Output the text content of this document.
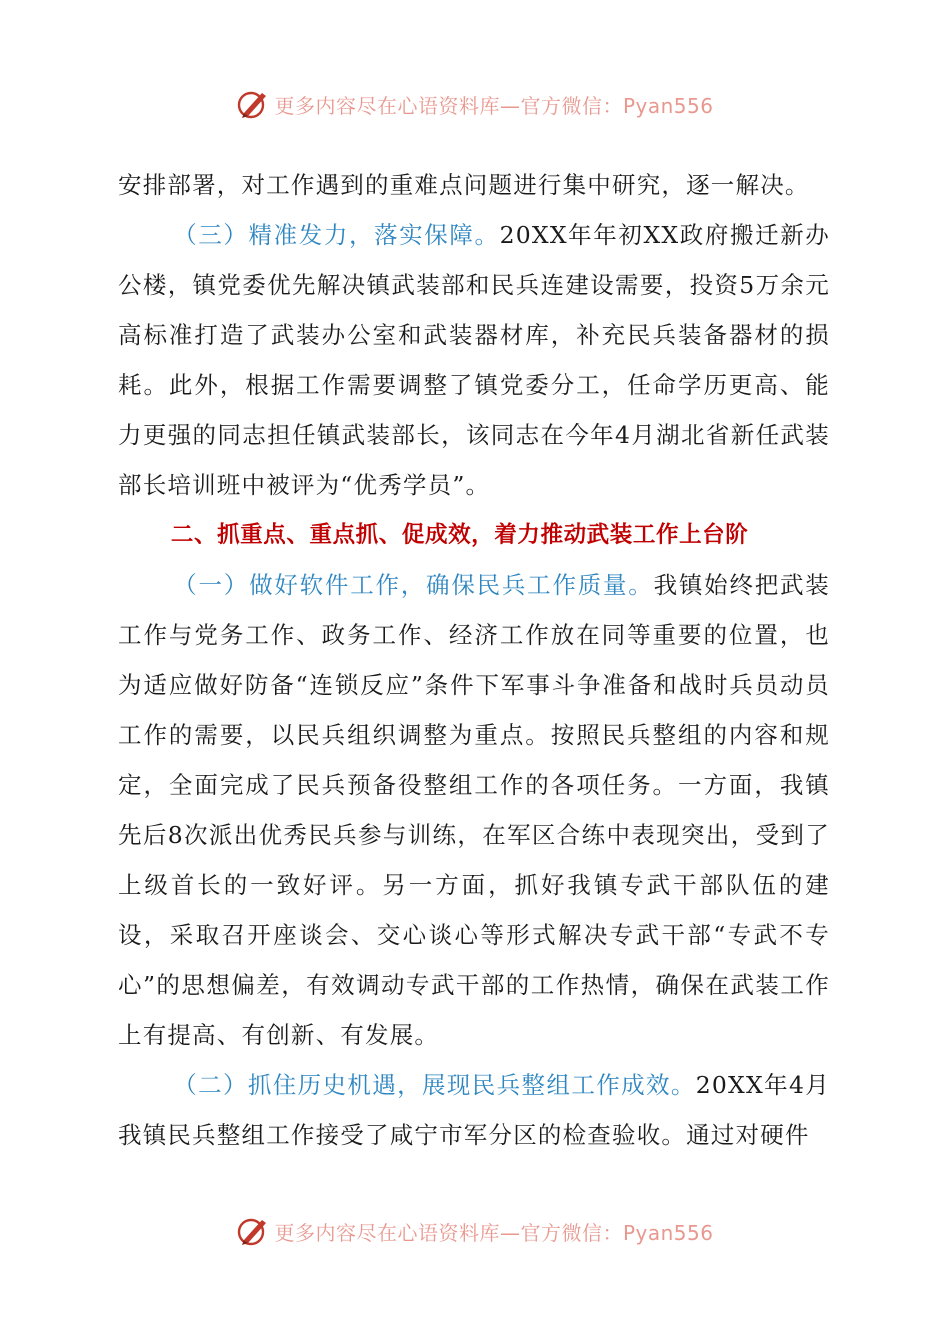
更多内容尽在心语资料库—官方微信：Pyan556

安排部署，对工作遇到的重难点问题进行集中研究，逐一解决。

（三）精准发力，落实保障。20XX年年初XX政府搬迁新办公楼，镇党委优先解决镇武装部和民兵连建设需要，投资5万余元高标准打造了武装办公室和武装器材库，补充民兵装备器材的损耗。此外，根据工作需要调整了镇党委分工，任命学历更高、能力更强的同志担任镇武装部长，该同志在今年4月湖北省新任武装部长培训班中被评为“优秀学员”。

二、抓重点、重点抓、促成效，着力推动武装工作上台阶

（一）做好软件工作，确保民兵工作质量。我镇始终把武装工作与党务工作、政务工作、经济工作放在同等重要的位置，也为适应做好防备“连锁反应”条件下军事斗争准备和战时兵员动员工作的需要，以民兵组织调整为重点。按照民兵整组的内容和规定，全面完成了民兵预备役整组工作的各项任务。一方面，我镇先后8次派出优秀民兵参与训练，在军区合练中表现突出，受到了上级首长的一致好评。另一方面，抓好我镇专武干部队伍的建设，采取召开座谈会、交心谈心等形式解决专武干部“专武不专心”的思想偏差，有效调动专武干部的工作热情，确保在武装工作上有提高、有创新、有发展。

（二）抓住历史机遇，展现民兵整组工作成效。20XX年4月我镇民兵整组工作接受了咸宁市军分区的检查验收。通过对硬件

更多内容尽在心语资料库—官方微信：Pyan556
